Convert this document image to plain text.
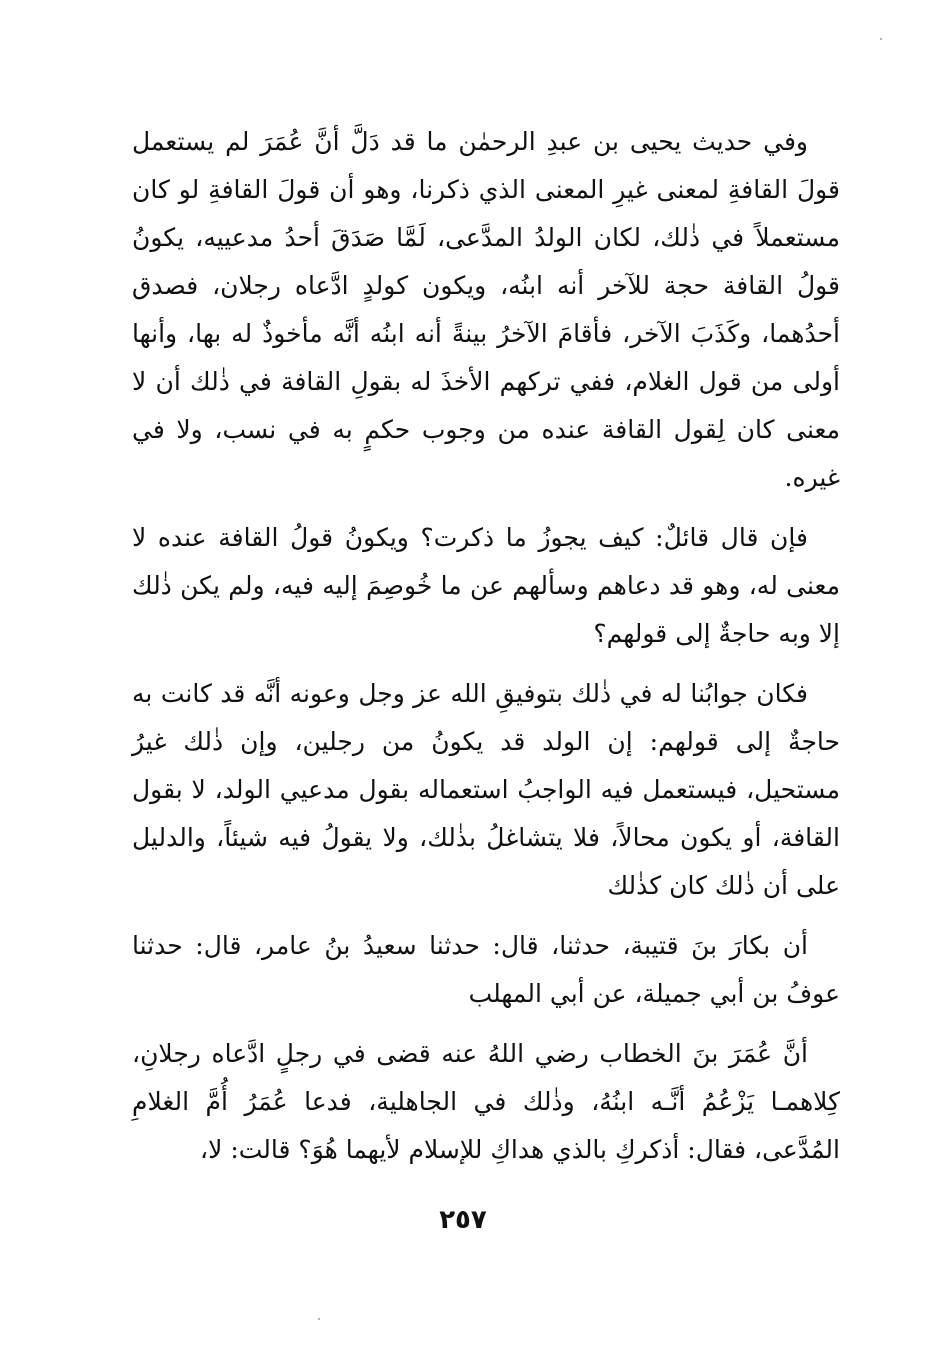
وفي حديث يحيى بن عبدِ الرحمٰن ما قد دَلَّ أنَّ عُمَرَ لم يستعمل قولَ القافةِ لمعنى غيرِ المعنى الذي ذكرنا، وهو أن قولَ القافةِ لو كان مستعملاً في ذٰلك، لكان الولدُ المدَّعى، لَمَّا صَدَقَ أحدُ مدعييه، يكونُ قولُ القافة حجة للآخر أنه ابنُه، ويكون كولدٍ ادَّعاه رجلان، فصدق أحدُهما، وكَذَبَ الآخر، فأقامَ الآخرُ بينةً أنه ابنُه أنَّه مأخوذٌ له بها، وأنها أولى من قول الغلام، ففي تركهم الأخذَ له بقولِ القافة في ذٰلك أن لا معنى كان لِقول القافة عنده من وجوب حكمٍ به في نسب، ولا في غيره.

فإن قال قائلٌ: كيف يجوزُ ما ذكرت؟ ويكونُ قولُ القافة عنده لا معنى له، وهو قد دعاهم وسألهم عن ما خُوصِمَ إليه فيه، ولم يكن ذٰلك إلا وبه حاجةٌ إلى قولهم؟

فكان جوابُنا له في ذٰلك بتوفيقِ الله عز وجل وعونه أنَّه قد كانت به حاجةٌ إلى قولهم: إن الولد قد يكونُ من رجلين، وإن ذٰلك غيرُ مستحيل، فيستعمل فيه الواجبُ استعماله بقول مدعيي الولد، لا بقول القافة، أو يكون محالاً، فلا يتشاغلُ بذٰلك، ولا يقولُ فيه شيئاً، والدليل على أن ذٰلك كان كذٰلك

أن بكارَ بنَ قتيبة، حدثنا، قال: حدثنا سعيدُ بنُ عامر، قال: حدثنا عوفُ بن أبي جميلة، عن أبي المهلب

أنَّ عُمَرَ بنَ الخطاب رضي اللهُ عنه قضى في رجلٍ ادَّعاه رجلانِ، كِلاهمـا يَزْعُمُ أنَّـه ابنُهُ، وذٰلك في الجاهلية، فدعا عُمَرُ أُمَّ الغلامِ المُدَّعى، فقال: أذكركِ بالذي هداكِ للإسلام لأيهما هُوَ؟ قالت: لا،

٢٥٧
